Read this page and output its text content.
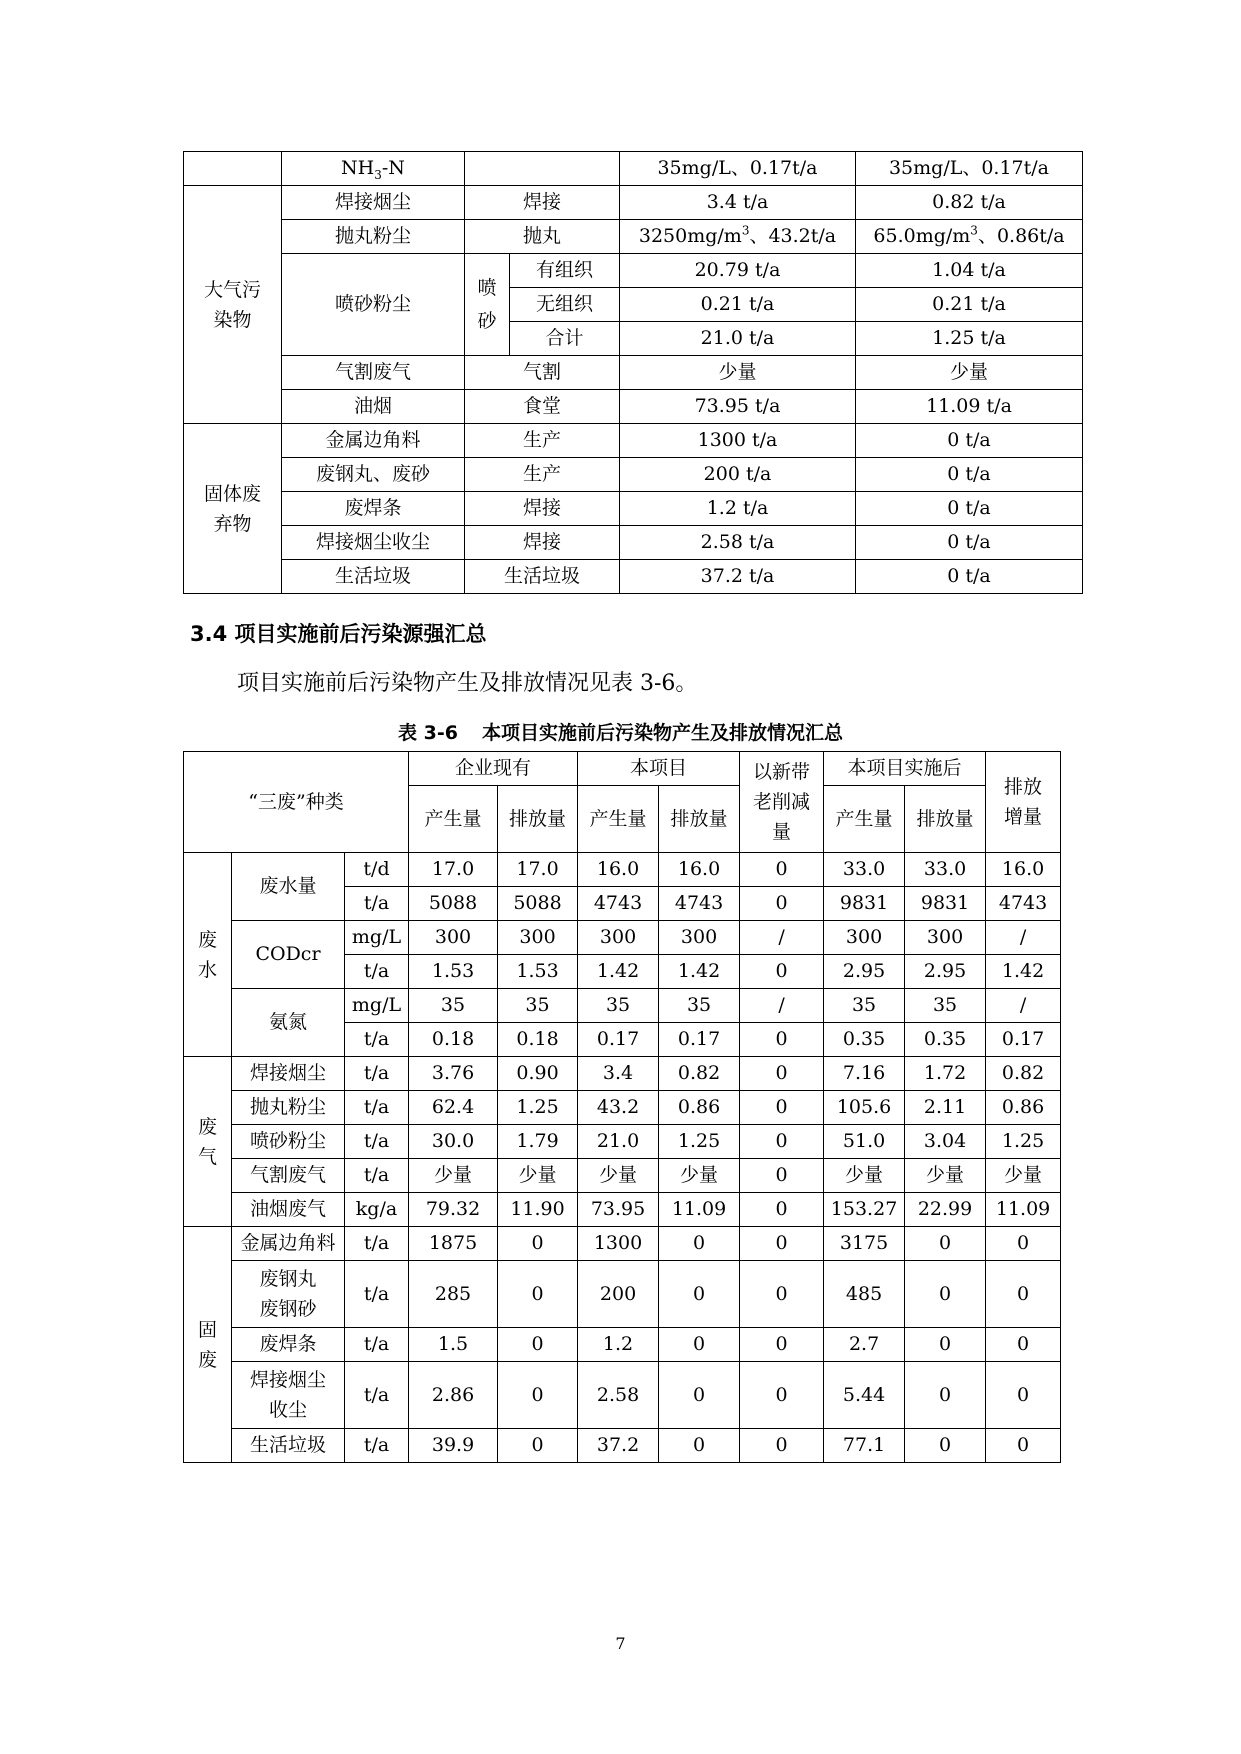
	$NH_3-N$			35mg/L、0.17t/a	35mg/L、0.17t/a
大气污染物	焊接烟尘	焊接		3.4 t/a	0.82 t/a
	抛丸粉尘	抛丸		$3250mg/m^3$、43.2t/a	$65.0mg/m^3$、0.86t/a
	喷砂粉尘	喷砂	有组织	20.79 t/a	1.04 t/a
			无组织	0.21 t/a	0.21 t/a
			合计	21.0 t/a	1.25 t/a
	气割废气	气割		少量	少量
	油烟	食堂		73.95 t/a	11.09 t/a
固体废弃物	金属边角料	生产		1300 t/a	0 t/a
	废钢丸、废砂	生产		200 t/a	0 t/a
	废焊条	焊接		1.2 t/a	0 t/a
	焊接烟尘收尘	焊接		2.58 t/a	0 t/a
	生活垃圾	生活垃圾		37.2 t/a	0 t/a

3.4 项目实施前后污染源强汇总

项目实施前后污染物产生及排放情况见表 3-6。

表 3-6 本项目实施前后污染物产生及排放情况汇总

“三废”种类			企业现有		本项目		以新带老削减量	本项目实施后		排放增量
			产生量	排放量	产生量	排放量		产生量	排放量	
废水	废水量	t/d	17.0	17.0	16.0	16.0	0	33.0	33.0	16.0
		t/a	5088	5088	4743	4743	0	9831	9831	4743
	CODcr	mg/L	300	300	300	300	/	300	300	/
		t/a	1.53	1.53	1.42	1.42	0	2.95	2.95	1.42
	氨氮	mg/L	35	35	35	35	/	35	35	/
		t/a	0.18	0.18	0.17	0.17	0	0.35	0.35	0.17
废气	焊接烟尘	t/a	3.76	0.90	3.4	0.82	0	7.16	1.72	0.82
	抛丸粉尘	t/a	62.4	1.25	43.2	0.86	0	105.6	2.11	0.86
	喷砂粉尘	t/a	30.0	1.79	21.0	1.25	0	51.0	3.04	1.25
	气割废气	t/a	少量	少量	少量	少量	0	少量	少量	少量
	油烟废气	kg/a	79.32	11.90	73.95	11.09	0	153.27	22.99	11.09
固废	金属边角料	t/a	1875	0	1300	0	0	3175	0	0
	废钢丸废钢砂	t/a	285	0	200	0	0	485	0	0
	废焊条	t/a	1.5	0	1.2	0	0	2.7	0	0
	焊接烟尘收尘	t/a	2.86	0	2.58	0	0	5.44	0	0
	生活垃圾	t/a	39.9	0	37.2	0	0	77.1	0	0

7
